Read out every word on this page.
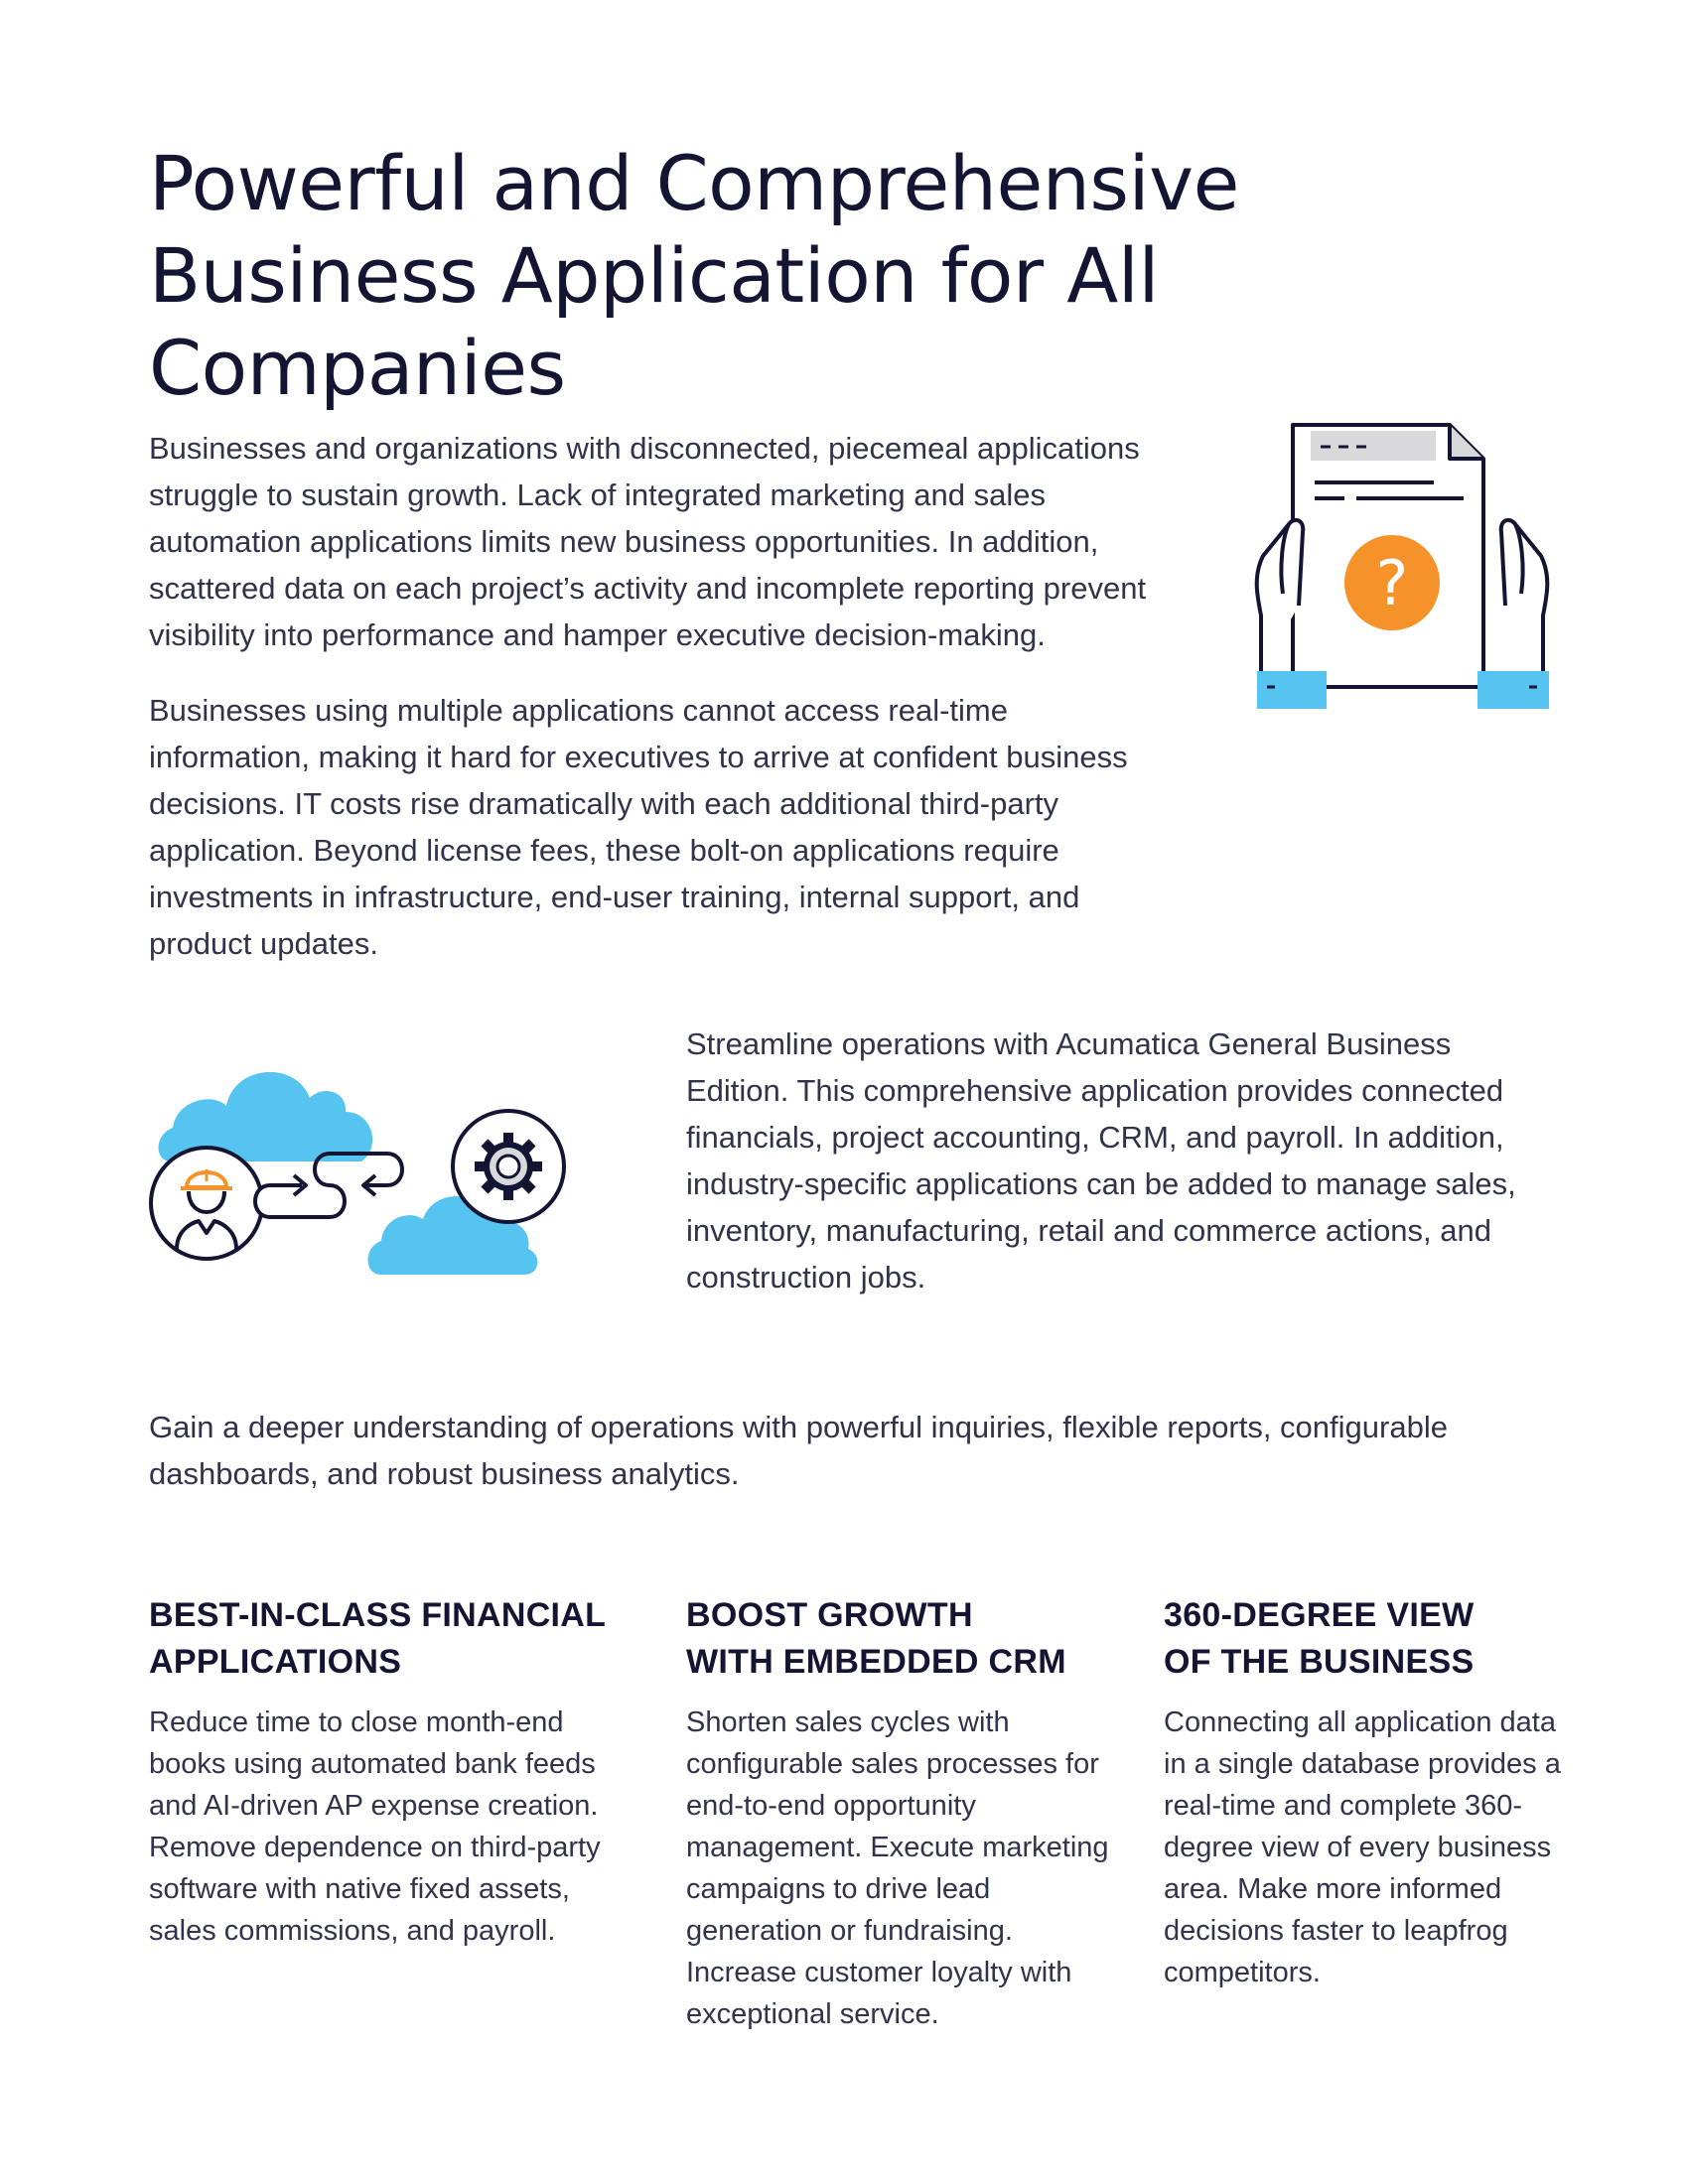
Powerful and Comprehensive Business Application for All Companies

Businesses and organizations with disconnected, piecemeal applications struggle to sustain growth. Lack of integrated marketing and sales automation applications limits new business opportunities. In addition, scattered data on each project’s activity and incomplete reporting prevent visibility into performance and hamper executive decision-making.

Businesses using multiple applications cannot access real-time information, making it hard for executives to arrive at confident business decisions. IT costs rise dramatically with each additional third-party application. Beyond license fees, these bolt-on applications require investments in infrastructure, end-user training, internal support, and product updates.

?

Streamline operations with Acumatica General Business Edition. This comprehensive application provides connected financials, project accounting, CRM, and payroll. In addition, industry-specific applications can be added to manage sales, inventory, manufacturing, retail and commerce actions, and construction jobs.

Gain a deeper understanding of operations with powerful inquiries, flexible reports, configurable dashboards, and robust business analytics.

BEST-IN-CLASS FINANCIAL
APPLICATIONS

Reduce time to close month-end books using automated bank feeds and AI-driven AP expense creation. Remove dependence on third-party software with native fixed assets, sales commissions, and payroll.

BOOST GROWTH
WITH EMBEDDED CRM

Shorten sales cycles with configurable sales processes for end-to-end opportunity management. Execute marketing campaigns to drive lead generation or fundraising. Increase customer loyalty with exceptional service.

360-DEGREE VIEW
OF THE BUSINESS

Connecting all application data in a single database provides a real-time and complete 360-degree view of every business area. Make more informed decisions faster to leapfrog competitors.
